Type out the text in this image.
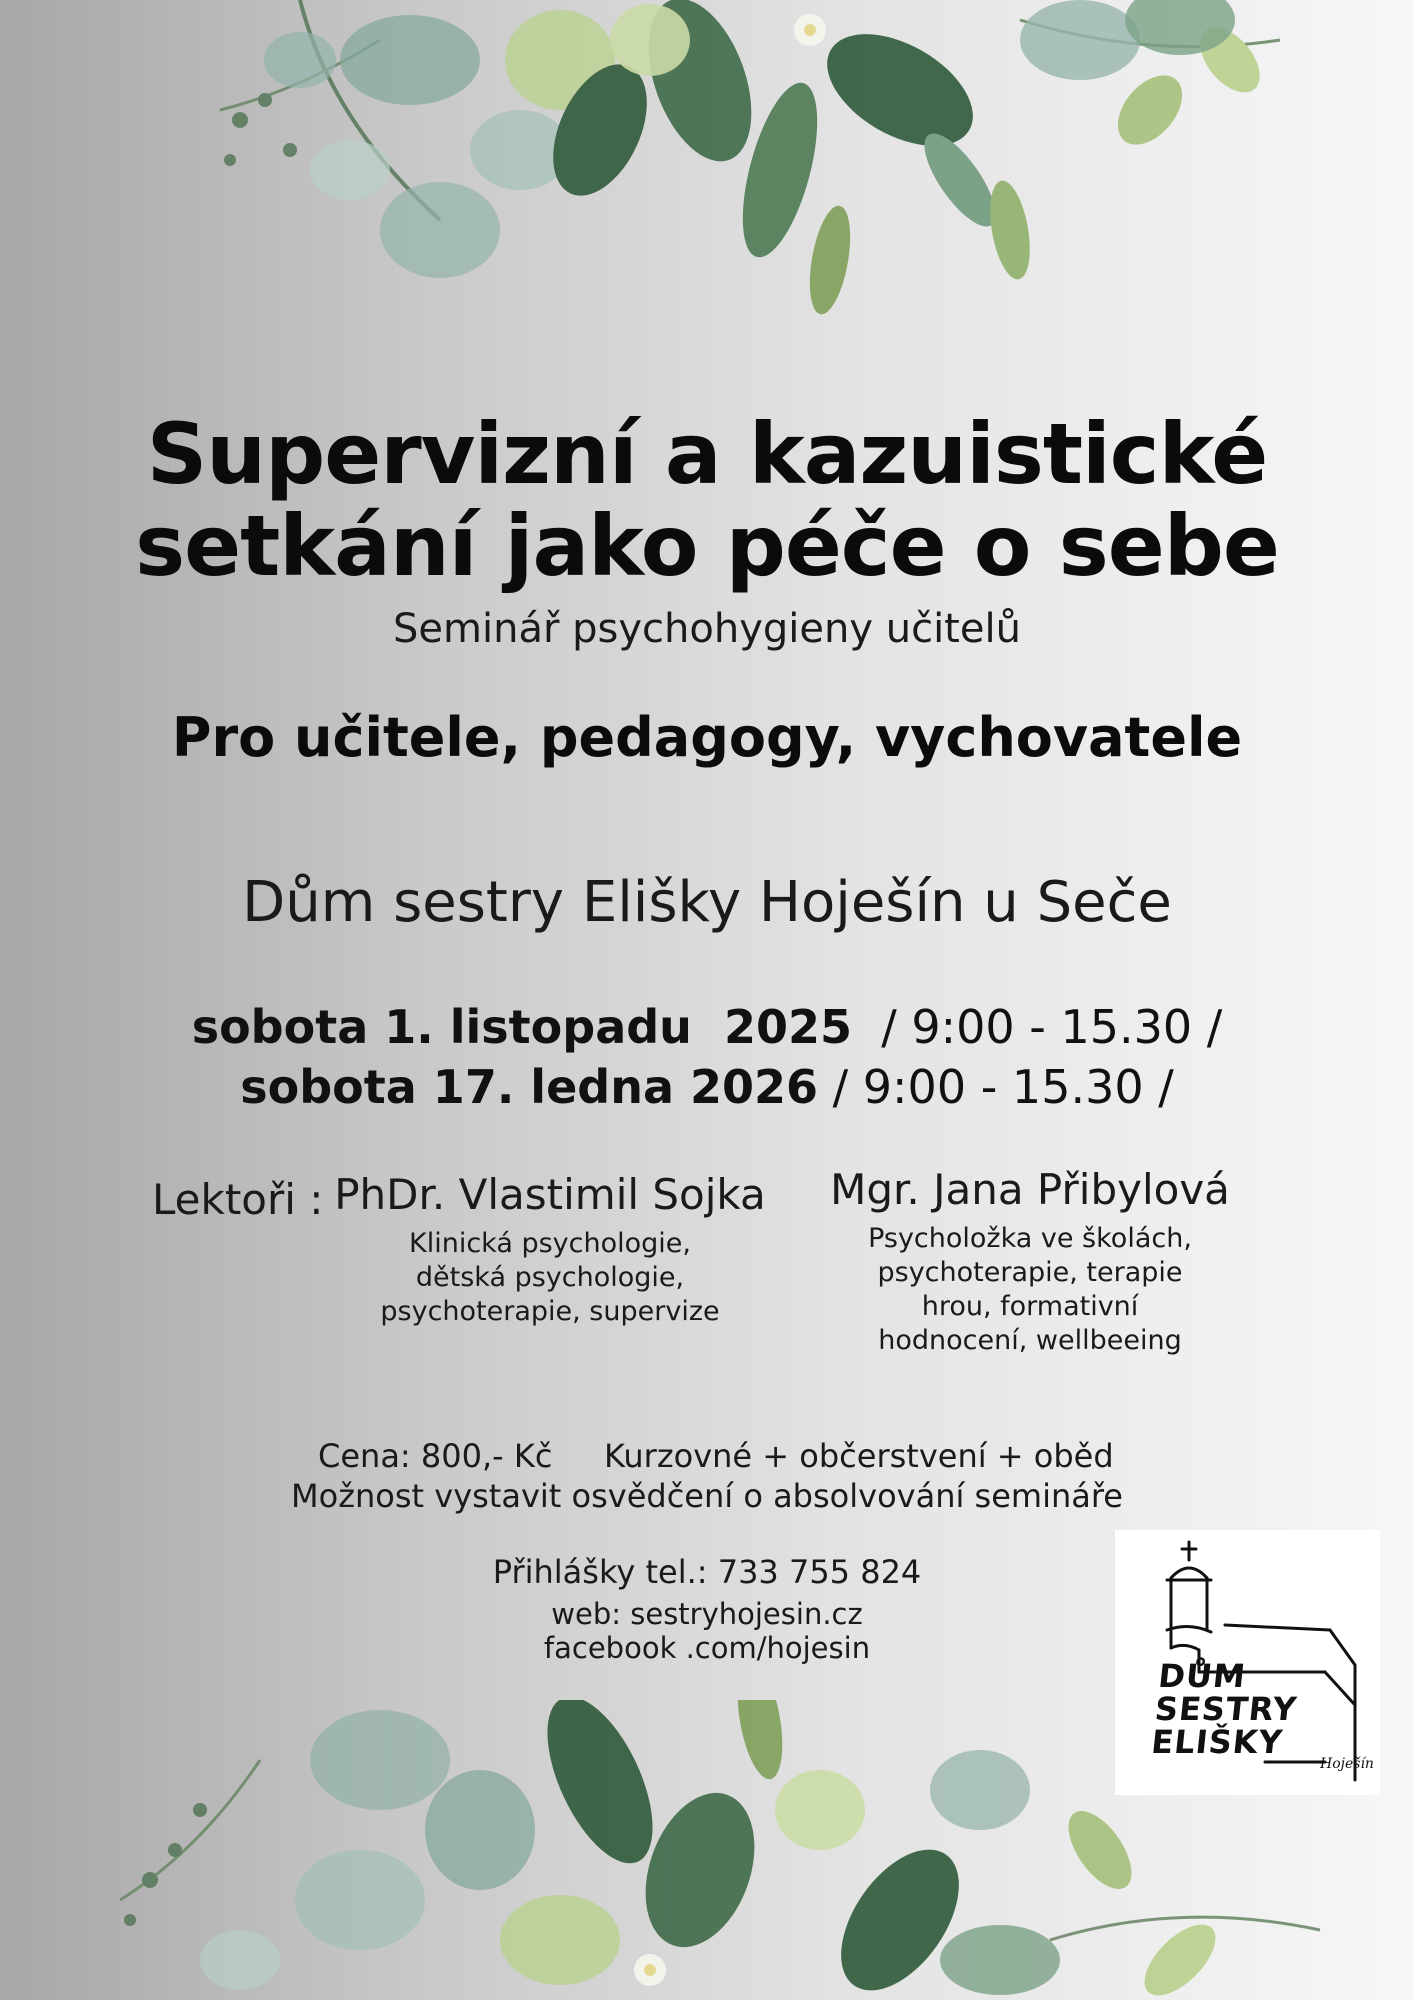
Supervizní a kazuistické
setkání jako péče o sebe
Seminář psychohygieny učitelů
Pro učitele, pedagogy, vychovatele
Dům sestry Elišky Hoješín u Seče
sobota 1. listopadu  2025  / 9:00 - 15.30 /
sobota 17. ledna 2026 / 9:00 - 15.30 /
Lektoři : PhDr. Vlastimil Sojka
Klinická psychologie,
dětská psychologie,
psychoterapie, supervize
Mgr. Jana Přibylová
Psycholožka ve školách,
psychoterapie, terapie
hrou, formativní
hodnocení, wellbeeing
Cena: 800,- Kč Kurzovné + občerstvení + oběd
Možnost vystavit osvědčení o absolvování semináře
Přihlášky tel.: 733 755 824
web: sestryhojesin.cz
facebook .com/hojesin
DŮM
SESTRY
ELIŠKY
Hoješín
